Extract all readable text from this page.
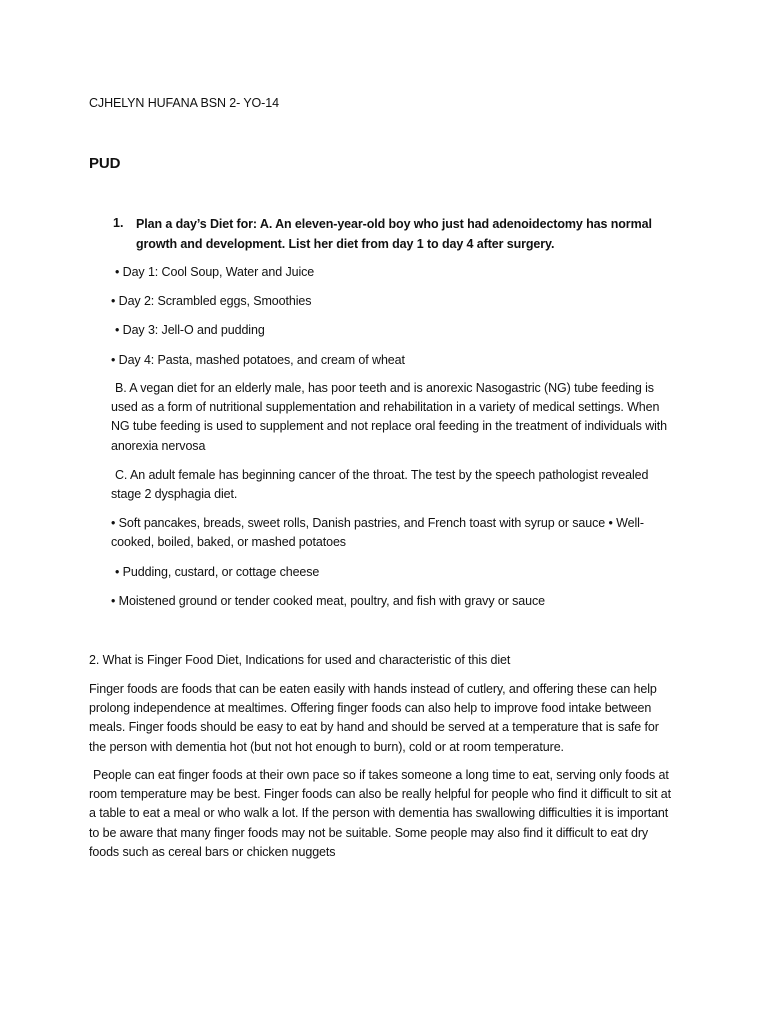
CJHELYN HUFANA BSN 2- YO-14

PUD

1. Plan a day’s Diet for: A. An eleven-year-old boy who just had adenoidectomy has normal growth and development. List her diet from day 1 to day 4 after surgery.

• Day 1: Cool Soup, Water and Juice

• Day 2: Scrambled eggs, Smoothies

• Day 3: Jell-O and pudding

• Day 4: Pasta, mashed potatoes, and cream of wheat

B. A vegan diet for an elderly male, has poor teeth and is anorexic Nasogastric (NG) tube feeding is used as a form of nutritional supplementation and rehabilitation in a variety of medical settings. When NG tube feeding is used to supplement and not replace oral feeding in the treatment of individuals with anorexia nervosa

C. An adult female has beginning cancer of the throat. The test by the speech pathologist revealed stage 2 dysphagia diet.

• Soft pancakes, breads, sweet rolls, Danish pastries, and French toast with syrup or sauce • Well-cooked, boiled, baked, or mashed potatoes

• Pudding, custard, or cottage cheese

• Moistened ground or tender cooked meat, poultry, and fish with gravy or sauce

2. What is Finger Food Diet, Indications for used and characteristic of this diet

Finger foods are foods that can be eaten easily with hands instead of cutlery, and offering these can help prolong independence at mealtimes. Offering finger foods can also help to improve food intake between meals. Finger foods should be easy to eat by hand and should be served at a temperature that is safe for the person with dementia hot (but not hot enough to burn), cold or at room temperature.

People can eat finger foods at their own pace so if takes someone a long time to eat, serving only foods at room temperature may be best. Finger foods can also be really helpful for people who find it difficult to sit at a table to eat a meal or who walk a lot. If the person with dementia has swallowing difficulties it is important to be aware that many finger foods may not be suitable. Some people may also find it difficult to eat dry foods such as cereal bars or chicken nuggets
